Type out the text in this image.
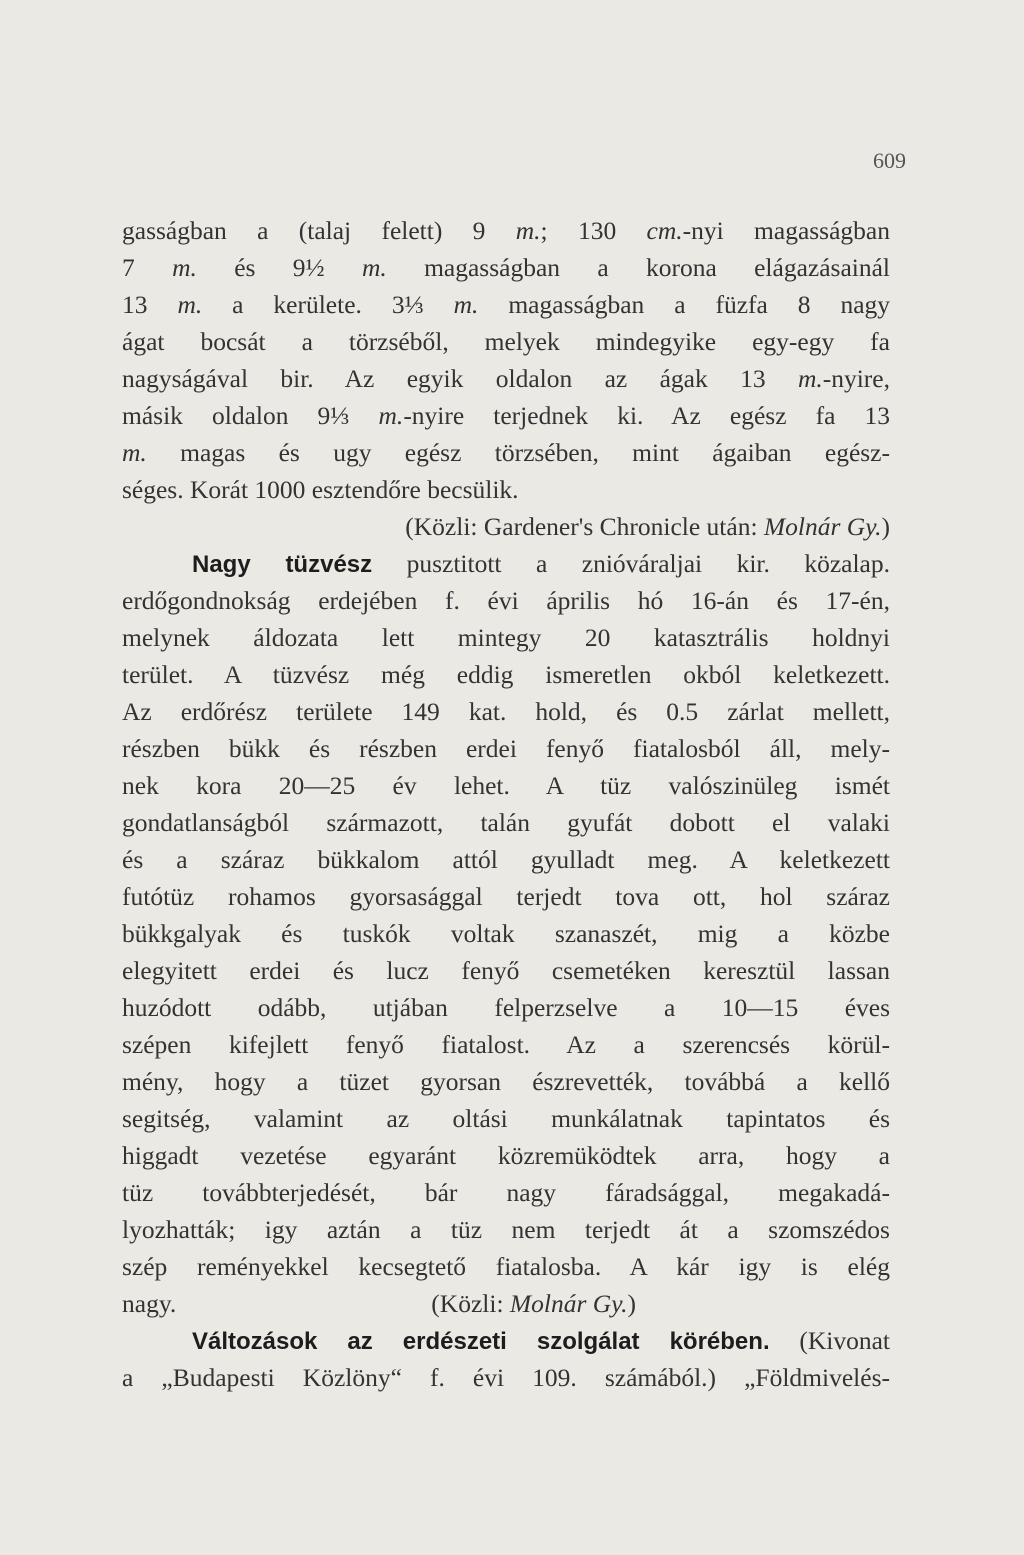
609
gasságban a (talaj felett) 9 m.; 130 cm.-nyi magasságban
7 m. és 9½ m. magasságban a korona elágazásainál
13 m. a kerülete. 3⅓ m. magasságban a füzfa 8 nagy
ágat bocsát a törzséből, melyek mindegyike egy-egy fa
nagyságával bir. Az egyik oldalon az ágak 13 m.-nyire,
másik oldalon 9⅓ m.-nyire terjednek ki. Az egész fa 13
m. magas és ugy egész törzsében, mint ágaiban egész-
séges. Korát 1000 esztendőre becsülik.
(Közli: Gardener's Chronicle után: Molnár Gy.)
Nagy tüzvész pusztitott a znióváraljai kir. közalap.
erdőgondnokság erdejében f. évi április hó 16-án és 17-én,
melynek áldozata lett mintegy 20 katasztrális holdnyi
terület. A tüzvész még eddig ismeretlen okból keletkezett.
Az erdőrész területe 149 kat. hold, és 0.5 zárlat mellett,
részben bükk és részben erdei fenyő fiatalosból áll, mely-
nek kora 20—25 év lehet. A tüz valószinüleg ismét
gondatlanságból származott, talán gyufát dobott el valaki
és a száraz bükkalom attól gyulladt meg. A keletkezett
futótüz rohamos gyorsasággal terjedt tova ott, hol száraz
bükkgalyak és tuskók voltak szanaszét, mig a közbe
elegyitett erdei és lucz fenyő csemetéken keresztül lassan
huzódott odább, utjában felperzselve a 10—15 éves
szépen kifejlett fenyő fiatalost. Az a szerencsés körül-
mény, hogy a tüzet gyorsan észrevették, továbbá a kellő
segitség, valamint az oltási munkálatnak tapintatos és
higgadt vezetése egyaránt közremüködtek arra, hogy a
tüz továbbterjedését, bár nagy fáradsággal, megakadá-
lyozhatták; igy aztán a tüz nem terjedt át a szomszédos
szép reményekkel kecsegtető fiatalosba. A kár igy is elég
nagy.          	(Közli: Molnár Gy.)
Változások az erdészeti szolgálat körében. (Kivonat
a „Budapesti Közlöny“ f. évi 109. számából.) „Földmivelés-
